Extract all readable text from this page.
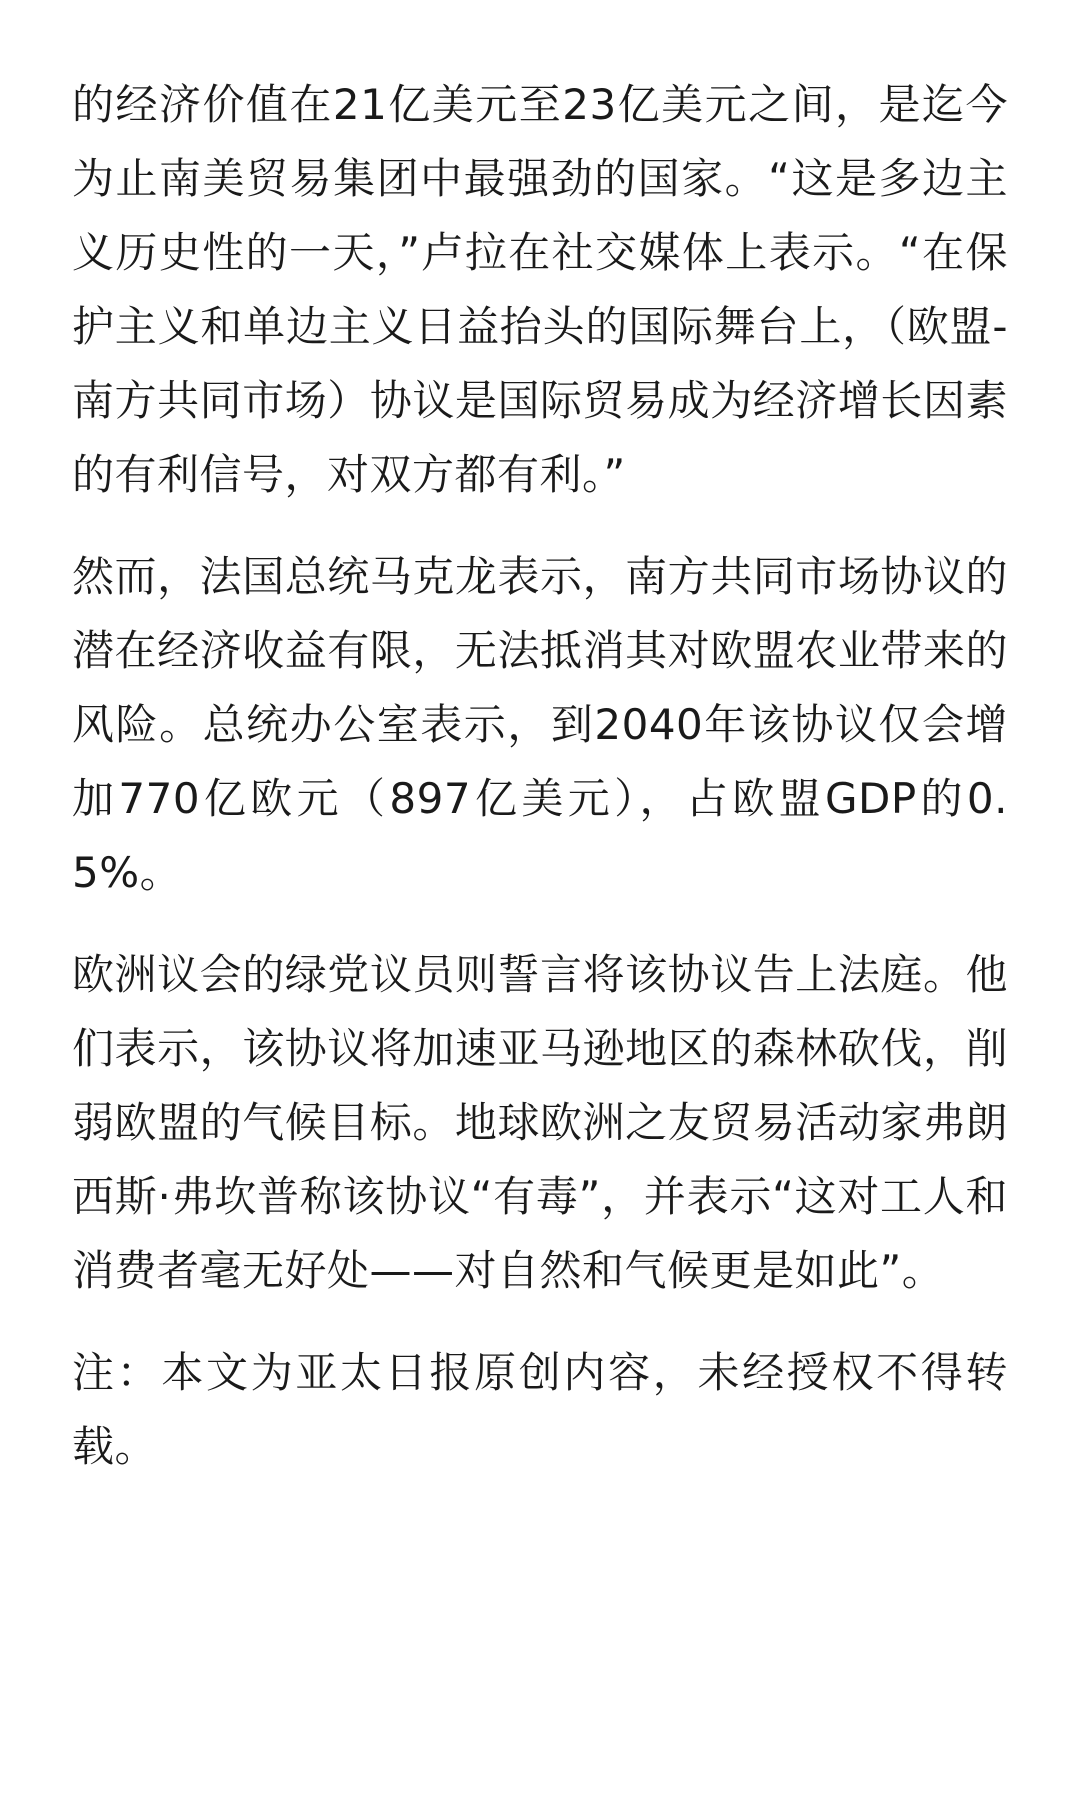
的经济价值在21亿美元至23亿美元之间，是迄今为止南美贸易集团中最强劲的国家。“这是多边主义历史性的一天，”卢拉在社交媒体上表示。“在保护主义和单边主义日益抬头的国际舞台上，（欧盟-南方共同市场）协议是国际贸易成为经济增长因素的有利信号，对双方都有利。”

然而，法国总统马克龙表示，南方共同市场协议的潜在经济收益有限，无法抵消其对欧盟农业带来的风险。总统办公室表示，到2040年该协议仅会增加770亿欧元（897亿美元），占欧盟GDP的0.5%。

欧洲议会的绿党议员则誓言将该协议告上法庭。他们表示，该协议将加速亚马逊地区的森林砍伐，削弱欧盟的气候目标。地球欧洲之友贸易活动家弗朗西斯·弗坎普称该协议“有毒”，并表示“这对工人和消费者毫无好处——对自然和气候更是如此”。

注：本文为亚太日报原创内容，未经授权不得转载。
